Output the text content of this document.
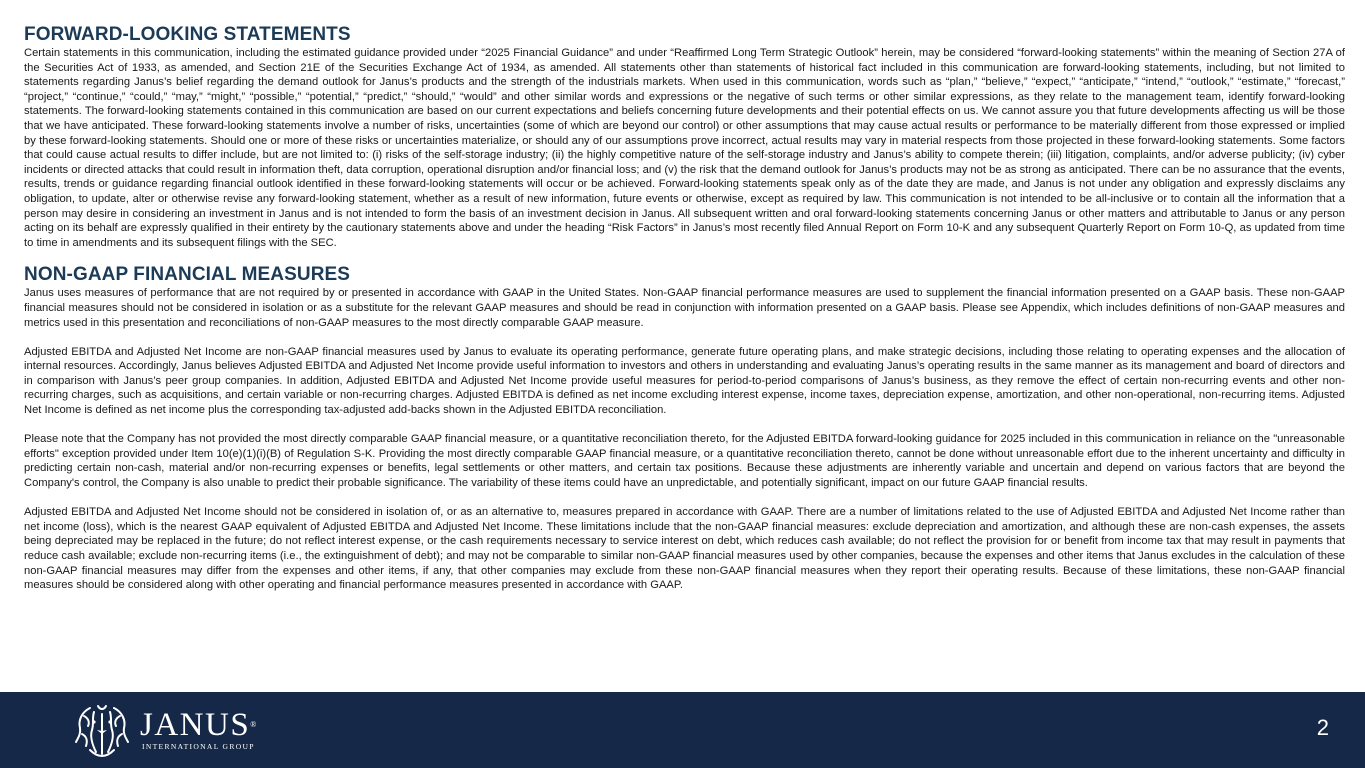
FORWARD-LOOKING STATEMENTS

Certain statements in this communication, including the estimated guidance provided under “2025 Financial Guidance” and under “Reaffirmed Long Term Strategic Outlook” herein, may be considered “forward-looking statements” within the meaning of Section 27A of the Securities Act of 1933, as amended, and Section 21E of the Securities Exchange Act of 1934, as amended. All statements other than statements of historical fact included in this communication are forward-looking statements, including, but not limited to statements regarding Janus’s belief regarding the demand outlook for Janus’s products and the strength of the industrials markets. When used in this communication, words such as “plan,” “believe,” “expect,” “anticipate,” “intend,” “outlook,” “estimate,” “forecast,” “project,” “continue,” “could,” “may,” “might,” “possible,” “potential,” “predict,” “should,” “would” and other similar words and expressions or the negative of such terms or other similar expressions, as they relate to the management team, identify forward-looking statements. The forward-looking statements contained in this communication are based on our current expectations and beliefs concerning future developments and their potential effects on us. We cannot assure you that future developments affecting us will be those that we have anticipated. These forward-looking statements involve a number of risks, uncertainties (some of which are beyond our control) or other assumptions that may cause actual results or performance to be materially different from those expressed or implied by these forward-looking statements. Should one or more of these risks or uncertainties materialize, or should any of our assumptions prove incorrect, actual results may vary in material respects from those projected in these forward-looking statements. Some factors that could cause actual results to differ include, but are not limited to: (i) risks of the self-storage industry; (ii) the highly competitive nature of the self-storage industry and Janus’s ability to compete therein; (iii) litigation, complaints, and/or adverse publicity; (iv) cyber incidents or directed attacks that could result in information theft, data corruption, operational disruption and/or financial loss; and (v) the risk that the demand outlook for Janus’s products may not be as strong as anticipated. There can be no assurance that the events, results, trends or guidance regarding financial outlook identified in these forward-looking statements will occur or be achieved. Forward-looking statements speak only as of the date they are made, and Janus is not under any obligation and expressly disclaims any obligation, to update, alter or otherwise revise any forward-looking statement, whether as a result of new information, future events or otherwise, except as required by law. This communication is not intended to be all-inclusive or to contain all the information that a person may desire in considering an investment in Janus and is not intended to form the basis of an investment decision in Janus. All subsequent written and oral forward-looking statements concerning Janus or other matters and attributable to Janus or any person acting on its behalf are expressly qualified in their entirety by the cautionary statements above and under the heading “Risk Factors” in Janus’s most recently filed Annual Report on Form 10-K and any subsequent Quarterly Report on Form 10-Q, as updated from time to time in amendments and its subsequent filings with the SEC.

NON-GAAP FINANCIAL MEASURES

Janus uses measures of performance that are not required by or presented in accordance with GAAP in the United States. Non-GAAP financial performance measures are used to supplement the financial information presented on a GAAP basis. These non-GAAP financial measures should not be considered in isolation or as a substitute for the relevant GAAP measures and should be read in conjunction with information presented on a GAAP basis. Please see Appendix, which includes definitions of non-GAAP measures and metrics used in this presentation and reconciliations of non-GAAP measures to the most directly comparable GAAP measure.

Adjusted EBITDA and Adjusted Net Income are non-GAAP financial measures used by Janus to evaluate its operating performance, generate future operating plans, and make strategic decisions, including those relating to operating expenses and the allocation of internal resources. Accordingly, Janus believes Adjusted EBITDA and Adjusted Net Income provide useful information to investors and others in understanding and evaluating Janus’s operating results in the same manner as its management and board of directors and in comparison with Janus’s peer group companies. In addition, Adjusted EBITDA and Adjusted Net Income provide useful measures for period-to-period comparisons of Janus’s business, as they remove the effect of certain non-recurring events and other non-recurring charges, such as acquisitions, and certain variable or non-recurring charges. Adjusted EBITDA is defined as net income excluding interest expense, income taxes, depreciation expense, amortization, and other non-operational, non-recurring items. Adjusted Net Income is defined as net income plus the corresponding tax-adjusted add-backs shown in the Adjusted EBITDA reconciliation.

Please note that the Company has not provided the most directly comparable GAAP financial measure, or a quantitative reconciliation thereto, for the Adjusted EBITDA forward-looking guidance for 2025 included in this communication in reliance on the "unreasonable efforts" exception provided under Item 10(e)(1)(i)(B) of Regulation S-K. Providing the most directly comparable GAAP financial measure, or a quantitative reconciliation thereto, cannot be done without unreasonable effort due to the inherent uncertainty and difficulty in predicting certain non-cash, material and/or non-recurring expenses or benefits, legal settlements or other matters, and certain tax positions. Because these adjustments are inherently variable and uncertain and depend on various factors that are beyond the Company's control, the Company is also unable to predict their probable significance. The variability of these items could have an unpredictable, and potentially significant, impact on our future GAAP financial results.

Adjusted EBITDA and Adjusted Net Income should not be considered in isolation of, or as an alternative to, measures prepared in accordance with GAAP. There are a number of limitations related to the use of Adjusted EBITDA and Adjusted Net Income rather than net income (loss), which is the nearest GAAP equivalent of Adjusted EBITDA and Adjusted Net Income. These limitations include that the non-GAAP financial measures: exclude depreciation and amortization, and although these are non-cash expenses, the assets being depreciated may be replaced in the future; do not reflect interest expense, or the cash requirements necessary to service interest on debt, which reduces cash available; do not reflect the provision for or benefit from income tax that may result in payments that reduce cash available; exclude non-recurring items (i.e., the extinguishment of debt); and may not be comparable to similar non-GAAP financial measures used by other companies, because the expenses and other items that Janus excludes in the calculation of these non-GAAP financial measures may differ from the expenses and other items, if any, that other companies may exclude from these non-GAAP financial measures when they report their operating results. Because of these limitations, these non-GAAP financial measures should be considered along with other operating and financial performance measures presented in accordance with GAAP.

JANUS®
INTERNATIONAL GROUP
2
